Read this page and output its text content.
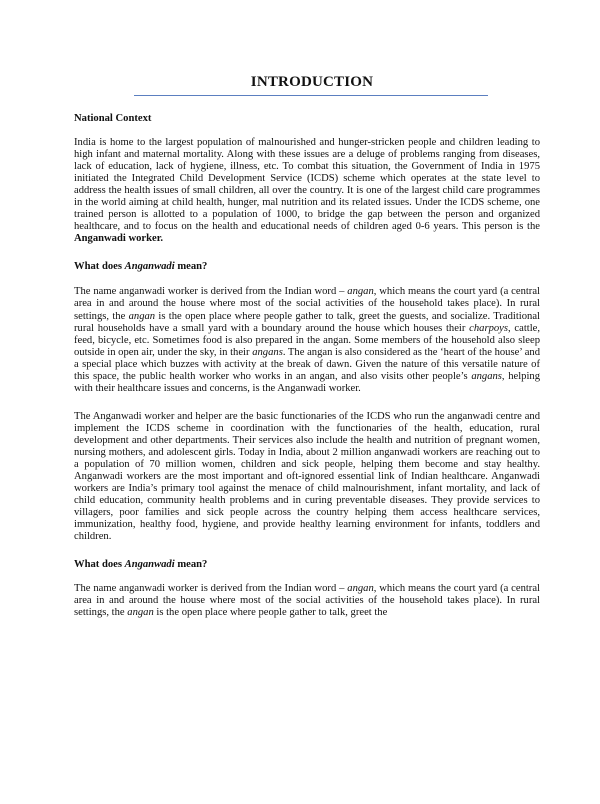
INTRODUCTION

National Context

India is home to the largest population of malnourished and hunger-stricken people and children leading to high infant and maternal mortality. Along with these issues are a deluge of problems ranging from diseases, lack of education, lack of hygiene, illness, etc. To combat this situation, the Government of India in 1975 initiated the Integrated Child Development Service (ICDS) scheme which operates at the state level to address the health issues of small children, all over the country. It is one of the largest child care programmes in the world aiming at child health, hunger, mal nutrition and its related issues. Under the ICDS scheme, one trained person is allotted to a population of 1000, to bridge the gap between the person and organized healthcare, and to focus on the health and educational needs of children aged 0-6 years. This person is the Anganwadi worker.

What does Anganwadi mean?

The name anganwadi worker is derived from the Indian word – angan, which means the court yard (a central area in and around the house where most of the social activities of the household takes place). In rural settings, the angan is the open place where people gather to talk, greet the guests, and socialize. Traditional rural households have a small yard with a boundary around the house which houses their charpoys, cattle, feed, bicycle, etc. Sometimes food is also prepared in the angan. Some members of the household also sleep outside in open air, under the sky, in their angans. The angan is also considered as the ‘heart of the house’ and a special place which buzzes with activity at the break of dawn. Given the nature of this versatile nature of this space, the public health worker who works in an angan, and also visits other people’s angans, helping with their healthcare issues and concerns, is the Anganwadi worker.

The Anganwadi worker and helper are the basic functionaries of the ICDS who run the anganwadi centre and implement the ICDS scheme in coordination with the functionaries of the health, education, rural development and other departments. Their services also include the health and nutrition of pregnant women, nursing mothers, and adolescent girls. Today in India, about 2 million anganwadi workers are reaching out to a population of 70 million women, children and sick people, helping them become and stay healthy. Anganwadi workers are the most important and oft-ignored essential link of Indian healthcare. Anganwadi workers are India’s primary tool against the menace of child malnourishment, infant mortality, and lack of child education, community health problems and in curing preventable diseases. They provide services to villagers, poor families and sick people across the country helping them access healthcare services, immunization, healthy food, hygiene, and provide healthy learning environment for infants, toddlers and children.

What does Anganwadi mean?

The name anganwadi worker is derived from the Indian word – angan, which means the court yard (a central area in and around the house where most of the social activities of the household takes place). In rural settings, the angan is the open place where people gather to talk, greet the
